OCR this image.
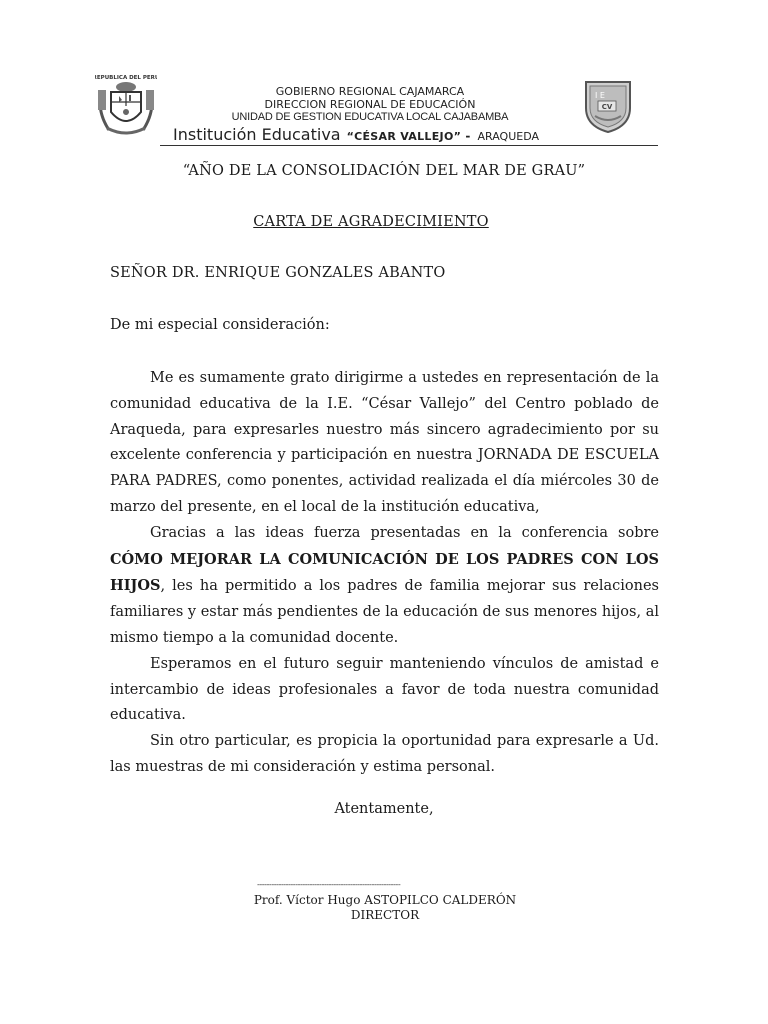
REPUBLICA DEL PERU
GOBIERNO REGIONAL CAJAMARCA
DIRECCION REGIONAL DE EDUCACIÓN
UNIDAD DE GESTION EDUCATIVA LOCAL CAJABAMBA
Institución Educativa “CÉSAR VALLEJO” - ARAQUEDA
I E
CV
“AÑO DE LA CONSOLIDACIÓN DEL MAR DE GRAU”
CARTA DE AGRADECIMIENTO
SEÑOR DR. ENRIQUE GONZALES ABANTO
De mi especial consideración:

Me es sumamente grato dirigirme a ustedes en representación de la comunidad educativa de la I.E. “César Vallejo” del Centro poblado de Araqueda, para expresarles nuestro más sincero agradecimiento por su excelente conferencia y participación en nuestra JORNADA DE ESCUELA PARA PADRES, como ponentes, actividad realizada el día miércoles 30 de marzo del presente, en el local de la institución educativa,

Gracias a las ideas fuerza presentadas en la conferencia sobre CÓMO MEJORAR LA COMUNICACIÓN DE LOS PADRES CON LOS HIJOS, les ha permitido a los padres de familia mejorar sus relaciones familiares y estar más pendientes de la educación de sus menores hijos, al mismo tiempo a la comunidad docente.

Esperamos en el futuro seguir manteniendo vínculos de amistad e intercambio de ideas profesionales a favor de toda nuestra comunidad educativa.

Sin otro particular, es propicia la oportunidad para expresarle a Ud. las muestras de mi consideración y estima personal.

Atentamente,
------------------------------------------------------------
Prof. Víctor Hugo ASTOPILCO CALDERÓN
DIRECTOR
